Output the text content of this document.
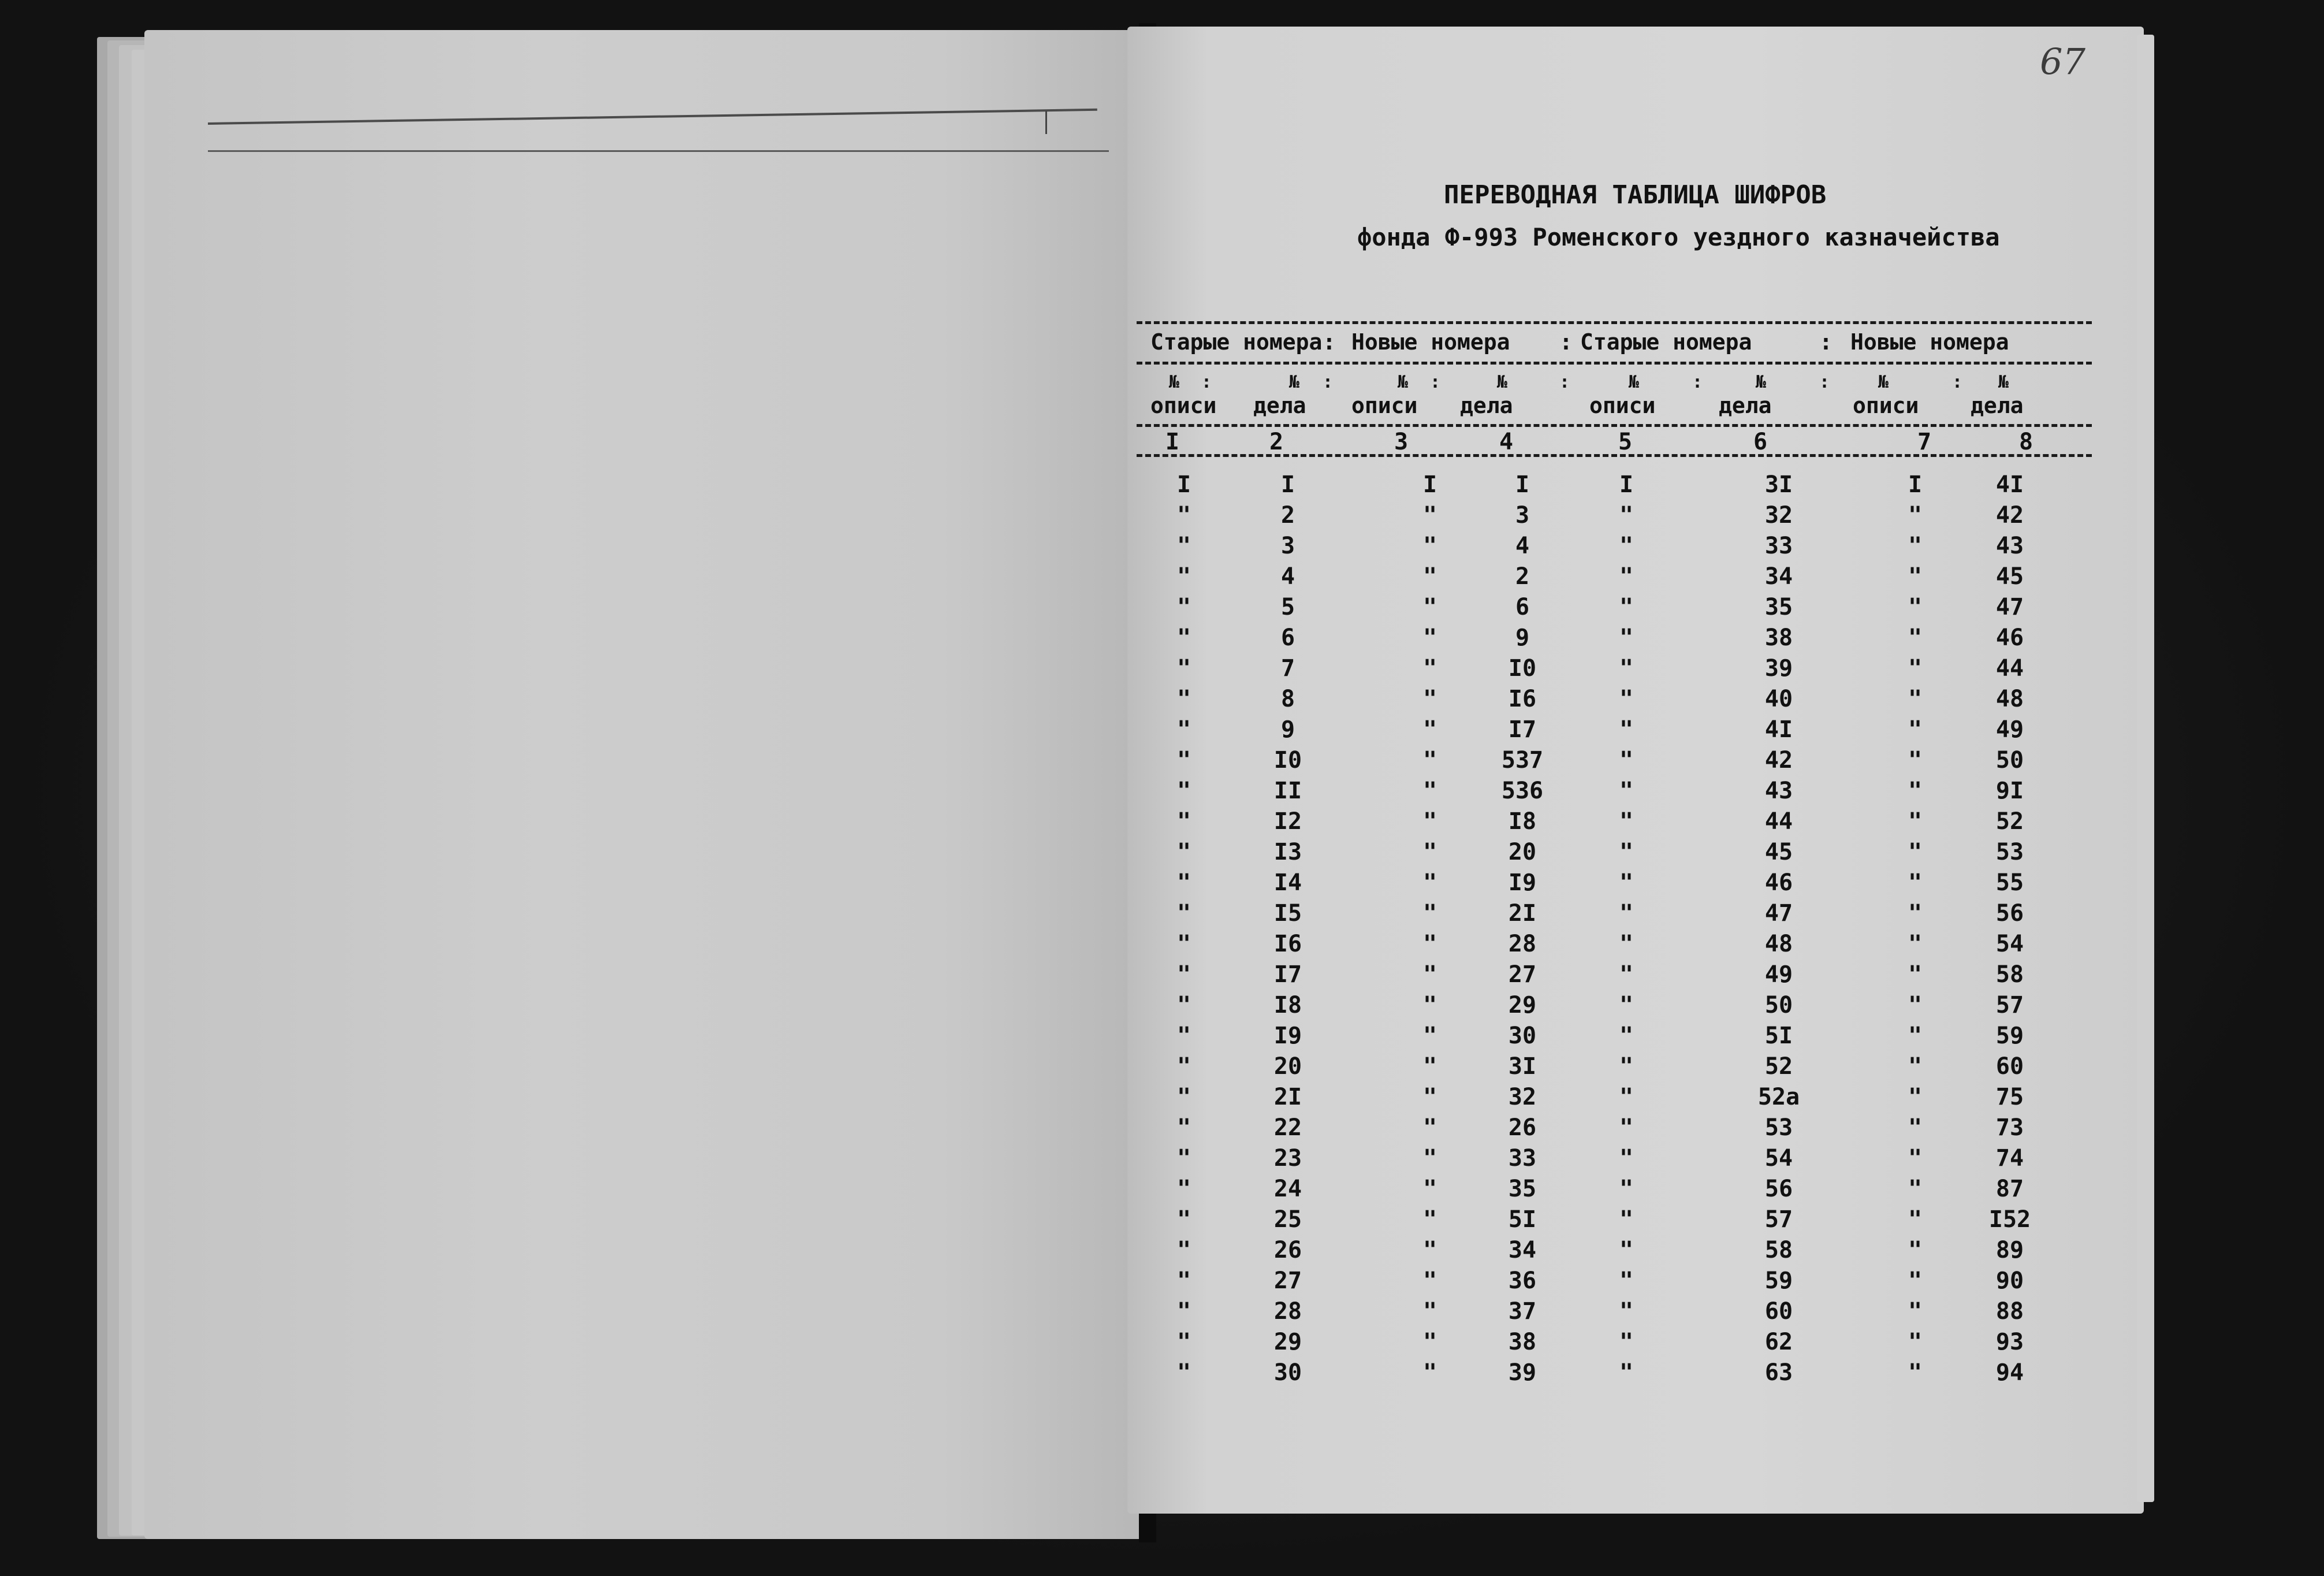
67
ПЕРЕВОДНАЯ ТАБЛИЦА ШИФРОВ
фонда Ф-993 Роменского уездного казначейства
Старые номера : Новые номера : Старые номера	: Новые номера
№ :	№ :	№ :	№	:	№	:	№	:	№	: №
описи дела описи дела	описи	дела	описи дела
I	2	3	4	5	6	7	8
I	I	I	I	I	3I	I	4I
"	2	"	3	"	32	"	42
"	3	"	4	"	33	"	43
"	4	"	2	"	34	"	45
"	5	"	6	"	35	"	47
"	6	"	9	"	38	"	46
"	7	"	I0	"	39	"	44
"	8	"	I6	"	40	"	48
"	9	"	I7	"	4I	"	49
"	I0	"	537	"	42	"	50
"	II	"	536	"	43	"	9I
"	I2	"	I8	"	44	"	52
"	I3	"	20	"	45	"	53
"	I4	"	I9	"	46	"	55
"	I5	"	2I	"	47	"	56
"	I6	"	28	"	48	"	54
"	I7	"	27	"	49	"	58
"	I8	"	29	"	50	"	57
"	I9	"	30	"	5I	"	59
"	20	"	3I	"	52	"	60
"	2I	"	32	"	52а	"	75
"	22	"	26	"	53	"	73
"	23	"	33	"	54	"	74
"	24	"	35	"	56	"	87
"	25	"	5I	"	57	"	I52
"	26	"	34	"	58	"	89
"	27	"	36	"	59	"	90
"	28	"	37	"	60	"	88
"	29	"	38	"	62	"	93
"	30	"	39	"	63	"	94
